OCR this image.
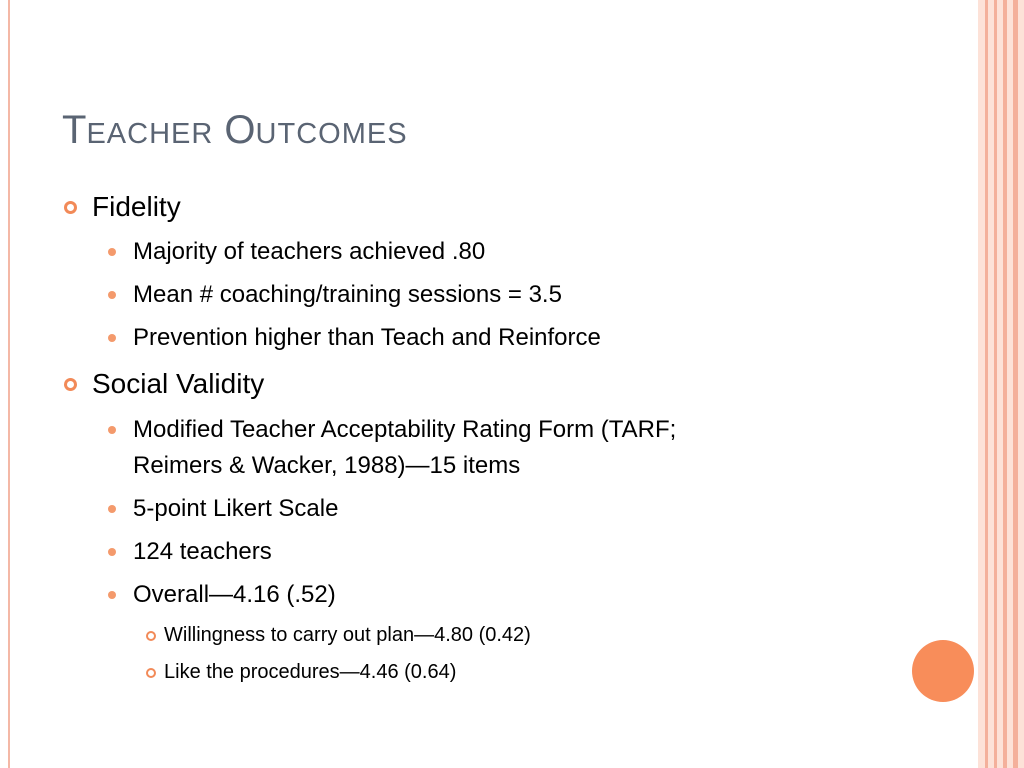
TEACHER OUTCOMES
Fidelity
Majority of teachers achieved .80
Mean # coaching/training sessions = 3.5
Prevention higher than Teach and Reinforce
Social Validity
Modified Teacher Acceptability Rating Form (TARF;
Reimers & Wacker, 1988)—15 items
5-point Likert Scale
124 teachers
Overall—4.16 (.52)
Willingness to carry out plan—4.80 (0.42)
Like the procedures—4.46 (0.64)
